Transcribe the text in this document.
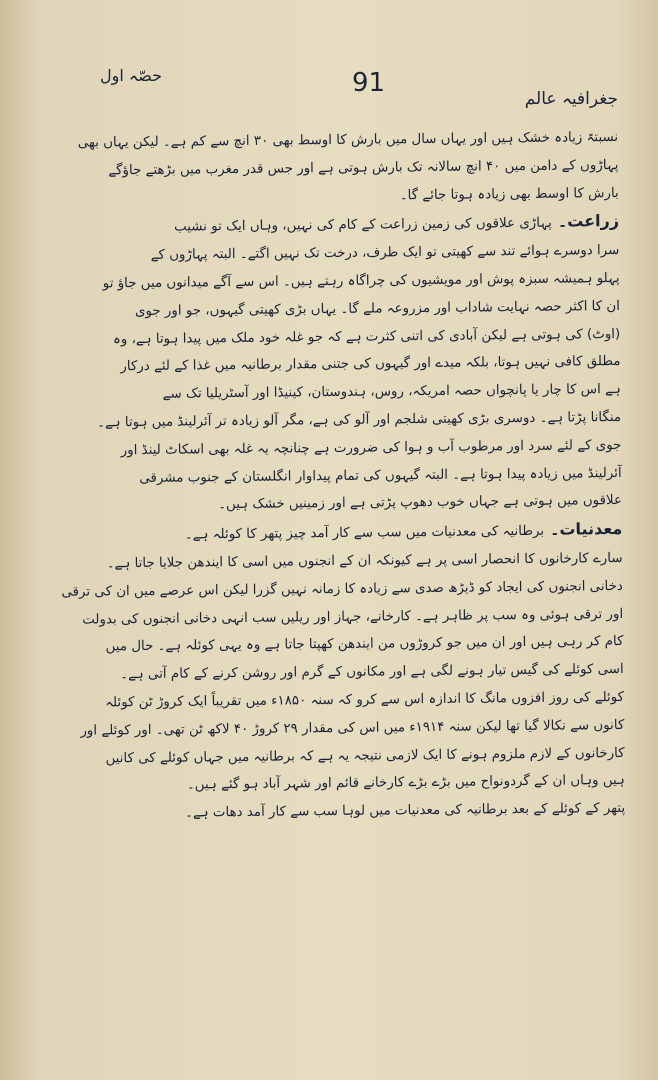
جغرافیہ عالم
91
حصّہ اول
نسبتہً زیادہ خشک ہیں اور یہاں سال میں بارش کا اوسط بھی ۳۰ انچ سے کم ہے۔ لیکن یہاں بھی
پہاڑوں کے دامن میں ۴۰ انچ سالانہ تک بارش ہوتی ہے اور جس قدر مغرب میں بڑھتے جاؤگے
بارش کا اوسط بھی زیادہ ہوتا جائے گا۔
زراعت۔پہاڑی علاقوں کی زمین زراعت کے کام کی نہیں، وہاں ایک تو نشیب
سرا دوسرے ہوائے تند سے کھیتی تو ایک طرف، درخت تک نہیں اگتے۔ البتہ پہاڑوں کے
پہلو ہمیشہ سبزہ پوش اور مویشیوں کی چراگاہ رہتے ہیں۔ اس سے آگے میدانوں میں جاؤ تو
ان کا اکثر حصہ نہایت شاداب اور مزروعہ ملے گا۔ یہاں بڑی کھیتی گیہوں، جو اور جوی
(اوٹ) کی ہوتی ہے لیکن آبادی کی اتنی کثرت ہے کہ جو غلہ خود ملک میں پیدا ہوتا ہے، وہ
مطلق کافی نہیں ہوتا، بلکہ میدے اور گیہوں کی جتنی مقدار برطانیہ میں غذا کے لئے درکار
ہے اس کا چار یا پانچواں حصہ امریکہ، روس، ہندوستان، کینیڈا اور آسٹریلیا تک سے
منگانا پڑتا ہے۔ دوسری بڑی کھیتی شلجم اور آلو کی ہے، مگر آلو زیادہ تر آئرلینڈ میں ہوتا ہے۔
جوی کے لئے سرد اور مرطوب آب و ہوا کی ضرورت ہے چنانچہ یہ غلہ بھی اسکاٹ لینڈ اور
آئرلینڈ میں زیادہ پیدا ہوتا ہے۔ البتہ گیہوں کی تمام پیداوار انگلستان کے جنوب مشرقی
علاقوں میں ہوتی ہے جہاں خوب دھوپ پڑتی ہے اور زمینیں خشک ہیں۔
معدنیات۔برطانیہ کی معدنیات میں سب سے کار آمد چیز پتھر کا کوئلہ ہے۔
سارے کارخانوں کا انحصار اسی پر ہے کیونکہ ان کے انجنوں میں اسی کا ایندھن جلایا جاتا ہے۔
دخانی انجنوں کی ایجاد کو ڈیڑھ صدی سے زیادہ کا زمانہ نہیں گزرا لیکن اس عرصے میں ان کی ترقی
اور ترقی ہوئی وہ سب پر ظاہر ہے۔ کارخانے، جہاز اور ریلیں سب انہی دخانی انجنوں کی بدولت
کام کر رہی ہیں اور ان میں جو کروڑوں من ایندھن کھپتا جاتا ہے وہ یہی کوئلہ ہے۔ حال میں
اسی کوئلے کی گیس تیار ہونے لگی ہے اور مکانوں کے گرم اور روشن کرنے کے کام آتی ہے۔
کوئلے کی روز افزوں مانگ کا اندازہ اس سے کرو کہ سنہ ۱۸۵۰ء میں تقریباً ایک کروڑ ٹن کوئلہ
کانوں سے نکالا گیا تھا لیکن سنہ ۱۹۱۴ء میں اس کی مقدار ۲۹ کروڑ ۴۰ لاکھ ٹن تھی۔ اور کوئلے اور
کارخانوں کے لازم ملزوم ہونے کا ایک لازمی نتیجہ یہ ہے کہ برطانیہ میں جہاں کوئلے کی کانیں
ہیں وہاں ان کے گردونواح میں بڑے بڑے کارخانے قائم اور شہر آباد ہو گئے ہیں۔
پتھر کے کوئلے کے بعد برطانیہ کی معدنیات میں لوہا سب سے کار آمد دھات ہے۔
